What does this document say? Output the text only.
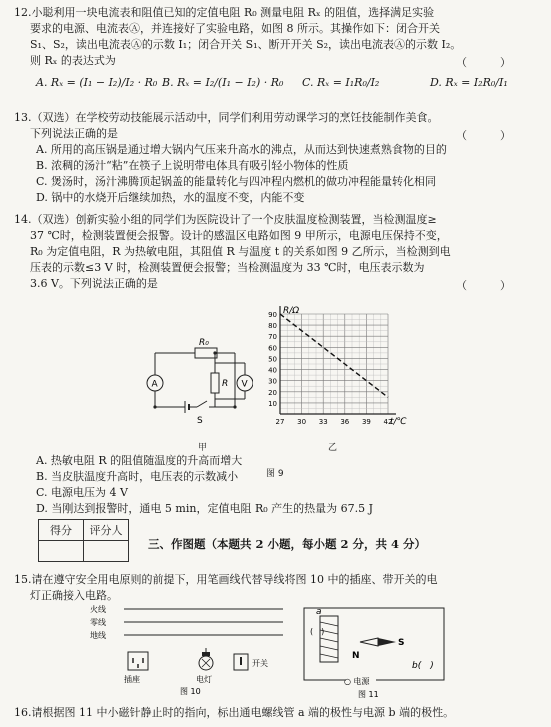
12.小聪利用一块电流表和阻值已知的定值电阻 R₀ 测量电阻 Rₓ 的阻值，选择满足实验
要求的电源、电流表Ⓐ，并连接好了实验电路，如图 8 所示。其操作如下：闭合开关
S₁、S₂，读出电流表Ⓐ的示数 I₁；闭合开关 S₁、断开开关 S₂，读出电流表Ⓐ的示数 I₂。
则 Rₓ 的表达式为	（　　　）
A. Rₓ = (I₁ − I₂)/I₂ · R₀ B. Rₓ = I₂/(I₁ − I₂) · R₀ C. Rₓ = I₁R₀/I₂	D. Rₓ = I₂R₀/I₁
13.（双选）在学校劳动技能展示活动中，同学们利用劳动课学习的烹饪技能制作美食。
下列说法正确的是	（　　　）
A. 所用的高压锅是通过增大锅内气压来升高水的沸点，从而达到快速煮熟食物的目的
B. 浓稠的汤汁“粘”在筷子上说明带电体具有吸引轻小物体的性质
C. 煲汤时，汤汁沸腾顶起锅盖的能量转化与四冲程内燃机的做功冲程能量转化相同
D. 锅中的水烧开后继续加热，水的温度不变，内能不变
14.（双选）创新实验小组的同学们为医院设计了一个皮肤温度检测装置，当检测温度≥
37 ℃时，检测装置便会报警。设计的感温区电路如图 9 甲所示，电源电压保持不变，
R₀ 为定值电阻，R 为热敏电阻，其阻值 R 与温度 t 的关系如图 9 乙所示，当检测到电
压表的示数≤3 V 时，检测装置便会报警；当检测温度为 33 ℃时，电压表示数为
3.6 V。下列说法正确的是	（　　　）
A	V
R₀
R
S
甲
10
20
30
40
50
60
70
80
90
27 30 33 36 39 42
R/Ω
t/℃
乙
图 9
A. 热敏电阻 R 的阻值随温度的升高而增大
B. 当皮肤温度升高时，电压表的示数减小
C. 电源电压为 4 V
D. 当刚达到报警时，通电 5 min，定值电阻 R₀ 产生的热量为 67.5 J
得分	评分人

三、作图题（本题共 2 小题，每小题 2 分，共 4 分）
15.请在遵守安全用电原则的前提下，用笔画线代替导线将图 10 中的插座、带开关的电
灯正确接入电路。
火线
零线
地线
插座	电灯
开关
图 10
a
(　)
N
S
b(　)
○ 电源
图 11
16.请根据图 11 中小磁针静止时的指向，标出通电螺线管 a 端的极性与电源 b 端的极性。
